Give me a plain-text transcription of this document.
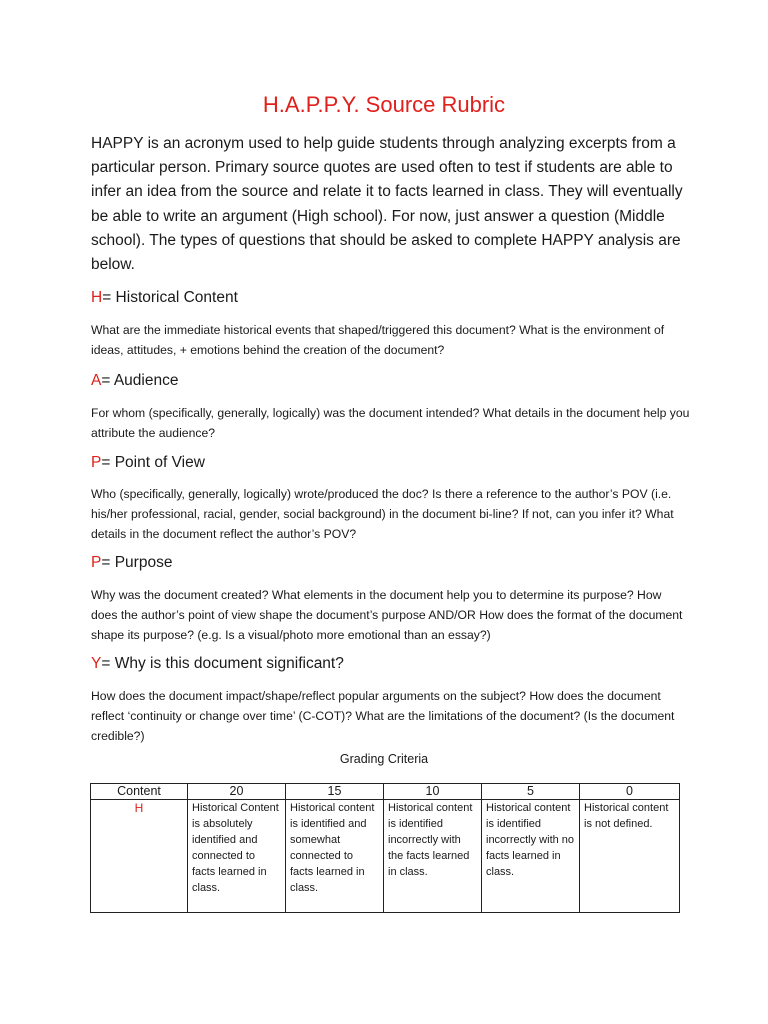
H.A.P.P.Y. Source Rubric
HAPPY is an acronym used to help guide students through analyzing excerpts from a particular person. Primary source quotes are used often to test if students are able to infer an idea from the source and relate it to facts learned in class. They will eventually be able to write an argument (High school). For now, just answer a question (Middle school). The types of questions that should be asked to complete HAPPY analysis are below.
H= Historical Content
What are the immediate historical events that shaped/triggered this document? What is the environment of ideas, attitudes, + emotions behind the creation of the document?
A= Audience
For whom (specifically, generally, logically) was the document intended? What details in the document help you attribute the audience?
P= Point of View
Who (specifically, generally, logically) wrote/produced the doc? Is there a reference to the author’s POV (i.e. his/her professional, racial, gender, social background) in the document bi-line? If not, can you infer it? What details in the document reflect the author’s POV?
P= Purpose
Why was the document created? What elements in the document help you to determine its purpose? How does the author’s point of view shape the document’s purpose AND/OR How does the format of the document shape its purpose? (e.g. Is a visual/photo more emotional than an essay?)
Y= Why is this document significant?
How does the document impact/shape/reflect popular arguments on the subject? How does the document reflect ‘continuity or change over time’ (C-COT)? What are the limitations of the document? (Is the document credible?)
Grading Criteria
Content	20	15	10	5	0
H	Historical Content is absolutely identified and connected to facts learned in class.	Historical content is identified and somewhat connected to facts learned in class.	Historical content is identified incorrectly with the facts learned in class.	Historical content is identified incorrectly with no facts learned in class.	Historical content is not defined.
